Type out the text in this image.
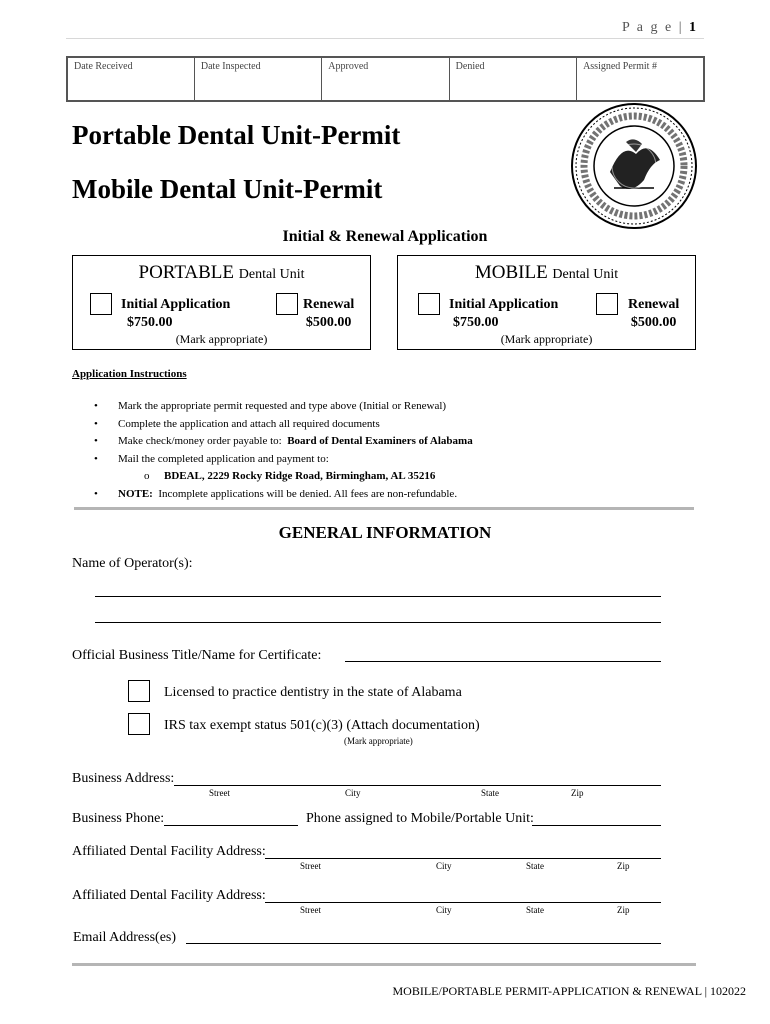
P a g e | 1
Date Received	Date Inspected	Approved	Denied	Assigned Permit #
Portable Dental Unit-Permit
Mobile Dental Unit-Permit
Initial & Renewal Application
PORTABLE Dental Unit
Initial Application
$750.00
Renewal
$500.00
(Mark appropriate)
MOBILE Dental Unit
Initial Application
$750.00
Renewal
$500.00
(Mark appropriate)
Application Instructions
• Mark the appropriate permit requested and type above (Initial or Renewal)
• Complete the application and attach all required documents
• Make check/money order payable to: Board of Dental Examiners of Alabama
• Mail the completed application and payment to:
o BDEAL, 2229 Rocky Ridge Road, Birmingham, AL 35216
• NOTE: Incomplete applications will be denied. All fees are non-refundable.
GENERAL INFORMATION
Name of Operator(s):
Official Business Title/Name for Certificate:
Licensed to practice dentistry in the state of Alabama
IRS tax exempt status 501(c)(3) (Attach documentation)
(Mark appropriate)
Business Address:
Street	City	State	Zip
Business Phone:	Phone assigned to Mobile/Portable Unit:
Affiliated Dental Facility Address:
Street	City	State	Zip
Affiliated Dental Facility Address:
Street	City	State	Zip
Email Address(es)
MOBILE/PORTABLE PERMIT-APPLICATION & RENEWAL | 102022
